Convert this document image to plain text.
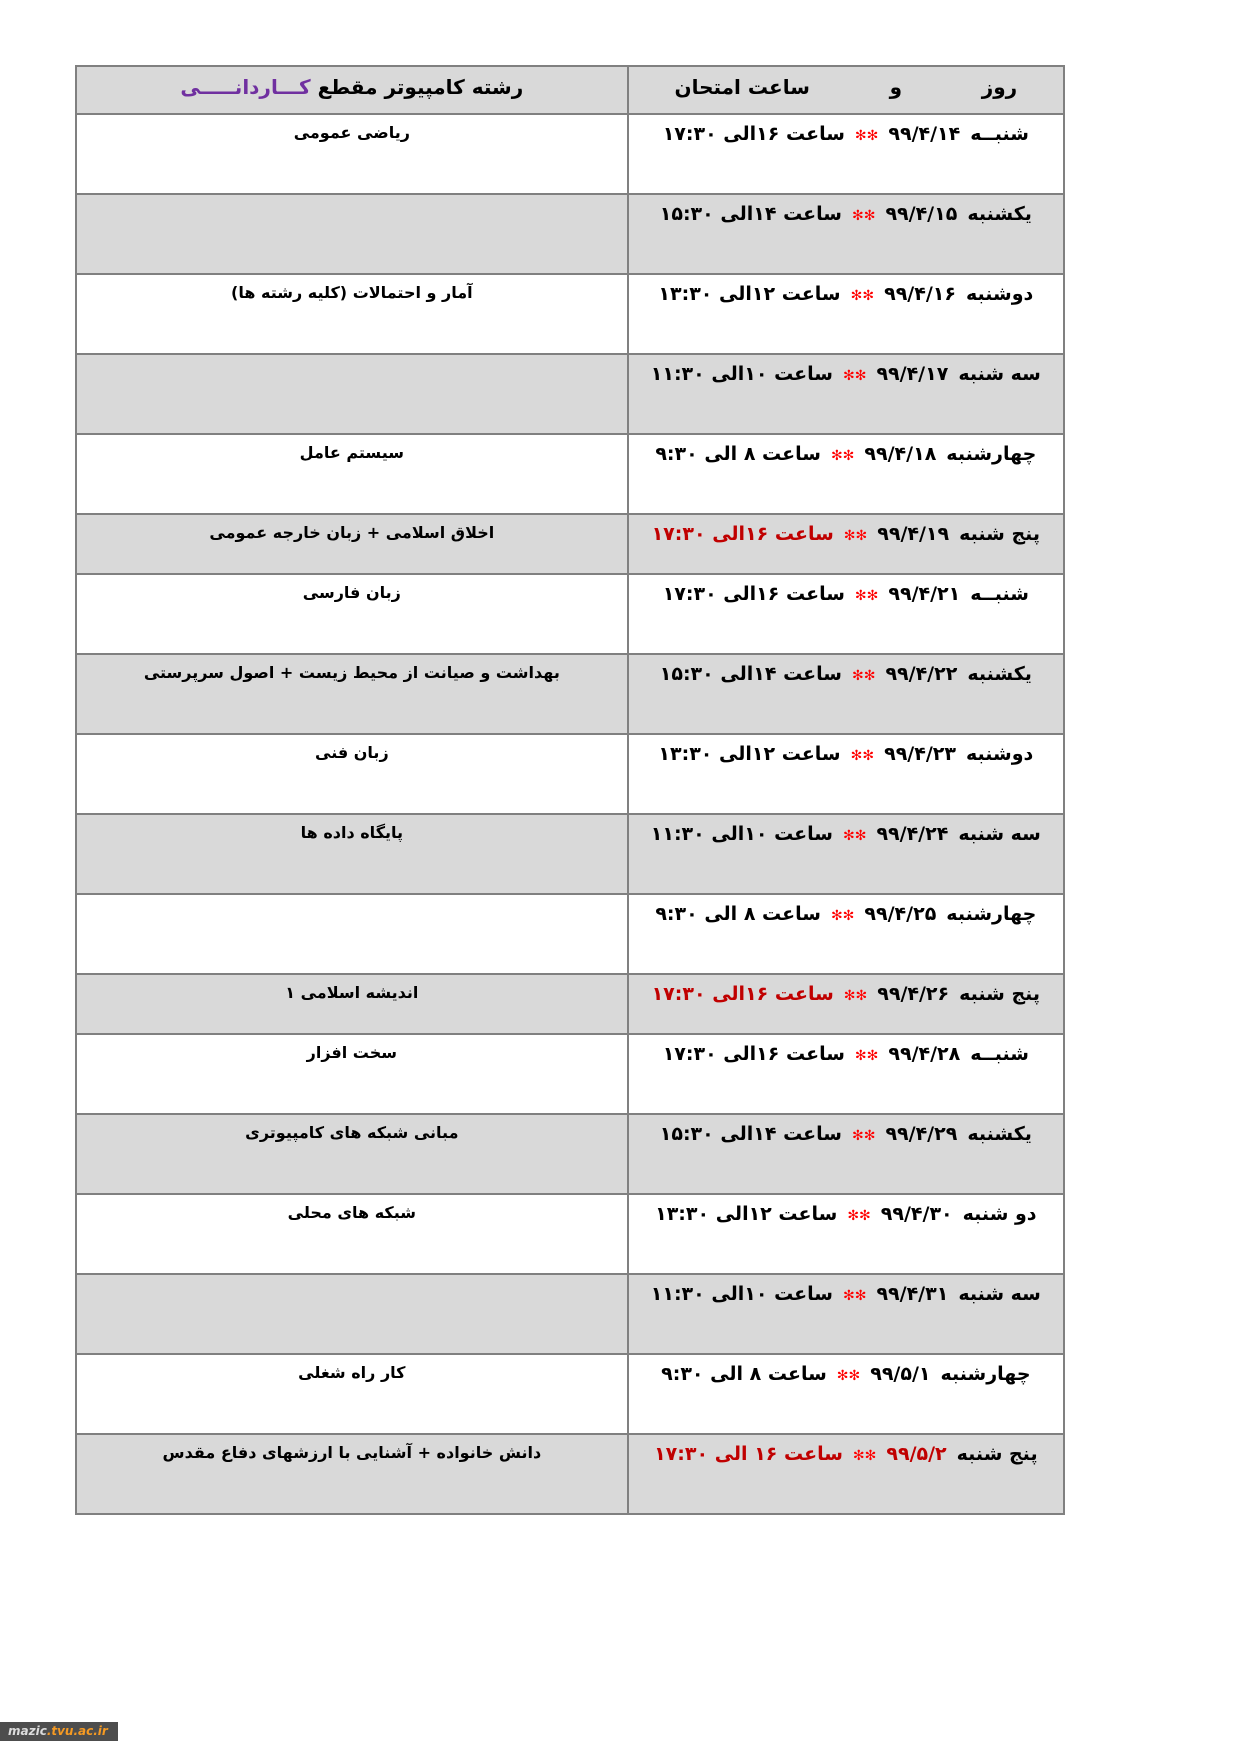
روز
و
ساعت امتحان	رشته کامپیوتر مقطع کـــاردانـــــی

شنبــه۹۹/۴/۱۴✻✻ساعت ۱۶الی ۱۷:۳۰	ریاضی عمومی
یکشنبه۹۹/۴/۱۵✻✻ساعت ۱۴الی ۱۵:۳۰	
دوشنبه۹۹/۴/۱۶✻✻ساعت ۱۲الی ۱۳:۳۰	آمار و احتمالات (کلیه رشته ها)
سه شنبه۹۹/۴/۱۷✻✻ساعت ۱۰الی ۱۱:۳۰	
چهارشنبه۹۹/۴/۱۸✻✻ساعت ۸ الی ۹:۳۰	سیستم عامل
پنج شنبه۹۹/۴/۱۹✻✻ساعت ۱۶الی ۱۷:۳۰	اخلاق اسلامی + زبان خارجه عمومی
شنبــه۹۹/۴/۲۱✻✻ساعت ۱۶الی ۱۷:۳۰	زبان فارسی
یکشنبه۹۹/۴/۲۲✻✻ساعت ۱۴الی ۱۵:۳۰	بهداشت و صیانت از محیط زیست + اصول سرپرستی
دوشنبه۹۹/۴/۲۳✻✻ساعت ۱۲الی ۱۳:۳۰	زبان فنی
سه شنبه۹۹/۴/۲۴✻✻ساعت ۱۰الی ۱۱:۳۰	پایگاه داده ها
چهارشنبه۹۹/۴/۲۵✻✻ساعت ۸ الی ۹:۳۰	
پنج شنبه۹۹/۴/۲۶✻✻ساعت ۱۶الی ۱۷:۳۰	اندیشه اسلامی ۱
شنبــه۹۹/۴/۲۸✻✻ساعت ۱۶الی ۱۷:۳۰	سخت افزار
یکشنبه۹۹/۴/۲۹✻✻ساعت ۱۴الی ۱۵:۳۰	مبانی شبکه های کامپیوتری
دو شنبه۹۹/۴/۳۰✻✻ساعت ۱۲الی ۱۳:۳۰	شبکه های محلی
سه شنبه۹۹/۴/۳۱✻✻ساعت ۱۰الی ۱۱:۳۰	
چهارشنبه۹۹/۵/۱✻✻ساعت ۸ الی ۹:۳۰	کار راه شغلی
پنج شنبه۹۹/۵/۲✻✻ساعت ۱۶ الی ۱۷:۳۰	دانش خانواده + آشنایی با ارزشهای دفاع مقدس
mazic.tvu.ac.ir
